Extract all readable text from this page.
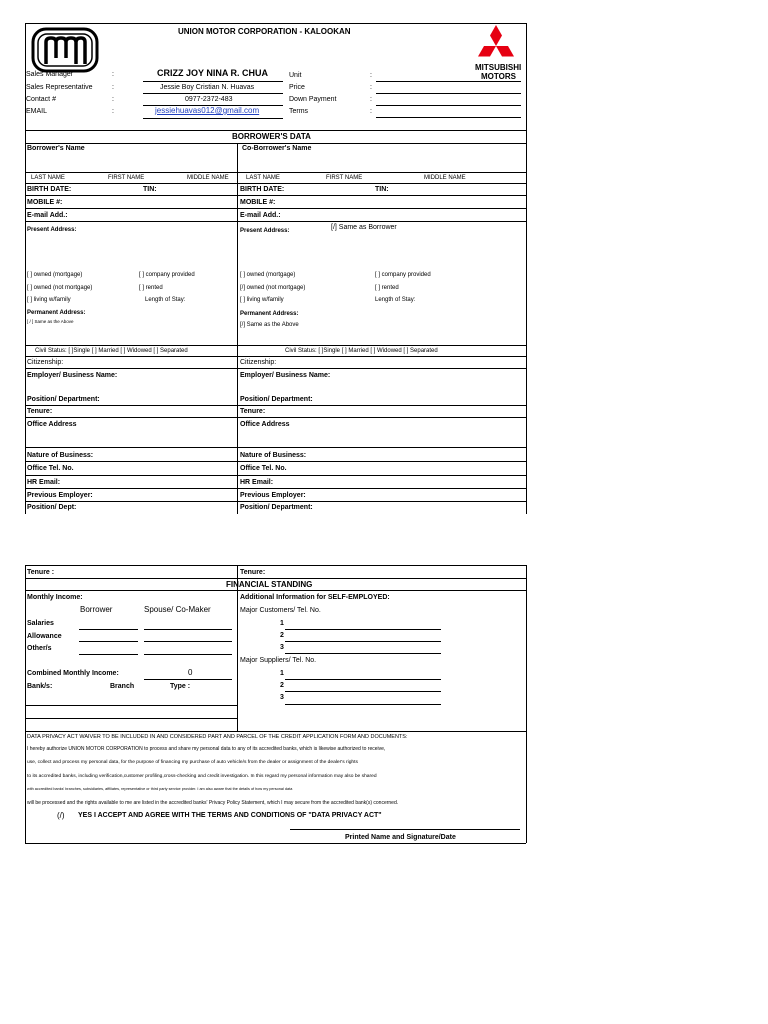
UNION MOTOR CORPORATION - KALOOKAN
MITSUBISHI
MOTORS
Sales Manager	:	CRIZZ JOY NINA R. CHUA
Sales Representative	:	Jessie Boy Cristian N. Huavas
Contact #	:	0977-2372-483
EMAIL	:	jessiehuavas012@gmail.com
Unit	:
Price	:
Down Payment	:
Terms	:
BORROWER'S DATA
Borrower's Name	Co-Borrower's Name
LAST NAME	FIRST NAME	MIDDLE NAME	LAST NAME	FIRST NAME	MIDDLE NAME
BIRTH DATE:	TIN:	BIRTH DATE:	TIN:
MOBILE #:	MOBILE #:
E-mail Add.:	E-mail Add.:
Present Address:	Present Address:	[/] Same as Borrower
[ ] owned (mortgage)	[ ] company provided	[ ] owned (mortgage)	[ ] company provided
[ ] owned (not mortgage)	[ ] rented	[/] owned (not mortgage)	[ ] rented
[ ] living w/family	Length of Stay:	[ ] living w/family	Length of Stay:
Permanent Address:	Permanent Address:
[ / ] Same as the Above
[/] Same as the Above
Civil Status: [ ]Single [ ] Married [ ] Widowed [ ] Separated	Civil Status: [ ]Single [ ] Married [ ] Widowed [ ] Separated
Citizenship:	Citizenship:
Employer/ Business Name:	Employer/ Business Name:
Position/ Department:	Position/ Department:
Tenure:	Tenure:
Office Address	Office Address
Nature of Business:	Nature of Business:
Office Tel. No.	Office Tel. No.
HR Email:	HR Email:
Previous Employer:	Previous Employer:
Position/ Dept:	Position/ Department:
Tenure :	Tenure:
FINANCIAL STANDING
Monthly Income:
Borrower	Spouse/ Co-Maker
Salaries
Allowance
Other/s
Combined Monthly Income:	0
Bank/s:	Branch	Type :
Additional Information for SELF-EMPLOYED:
Major Customers/ Tel. No.
1
2
3
Major Suppliers/ Tel. No.
1
2
3
DATA PRIVACY ACT WAIVER TO BE INCLUDED IN AND CONSIDERED PART AND PARCEL OF THE CREDIT APPLICATION FORM AND DOCUMENTS:
I hereby authorize UNION MOTOR CORPORATION to process and share my personal data to any of its accredited banks, which is likewise authorized to receive,
use, collect and process my personal data, for the purpose of financing my purchase of auto vehicle/s from the dealer or assignment of the dealer's rights
to its accredited banks, including verification,customer profiling,cross-checking and credit investigation. In this regard my personal information may also be shared
with accredited banks' branches, subsidiaries, affiliates, representative or third party service provider. I am also aware that the details of how my personal data
will be processed and the rights available to me are listed in the accredited banks' Privacy Policy Statement, which I may secure from the accredited bank(s) concerned.
(/) YES I ACCEPT AND AGREE WITH THE TERMS AND CONDITIONS OF "DATA PRIVACY ACT"
Printed Name and Signature/Date
